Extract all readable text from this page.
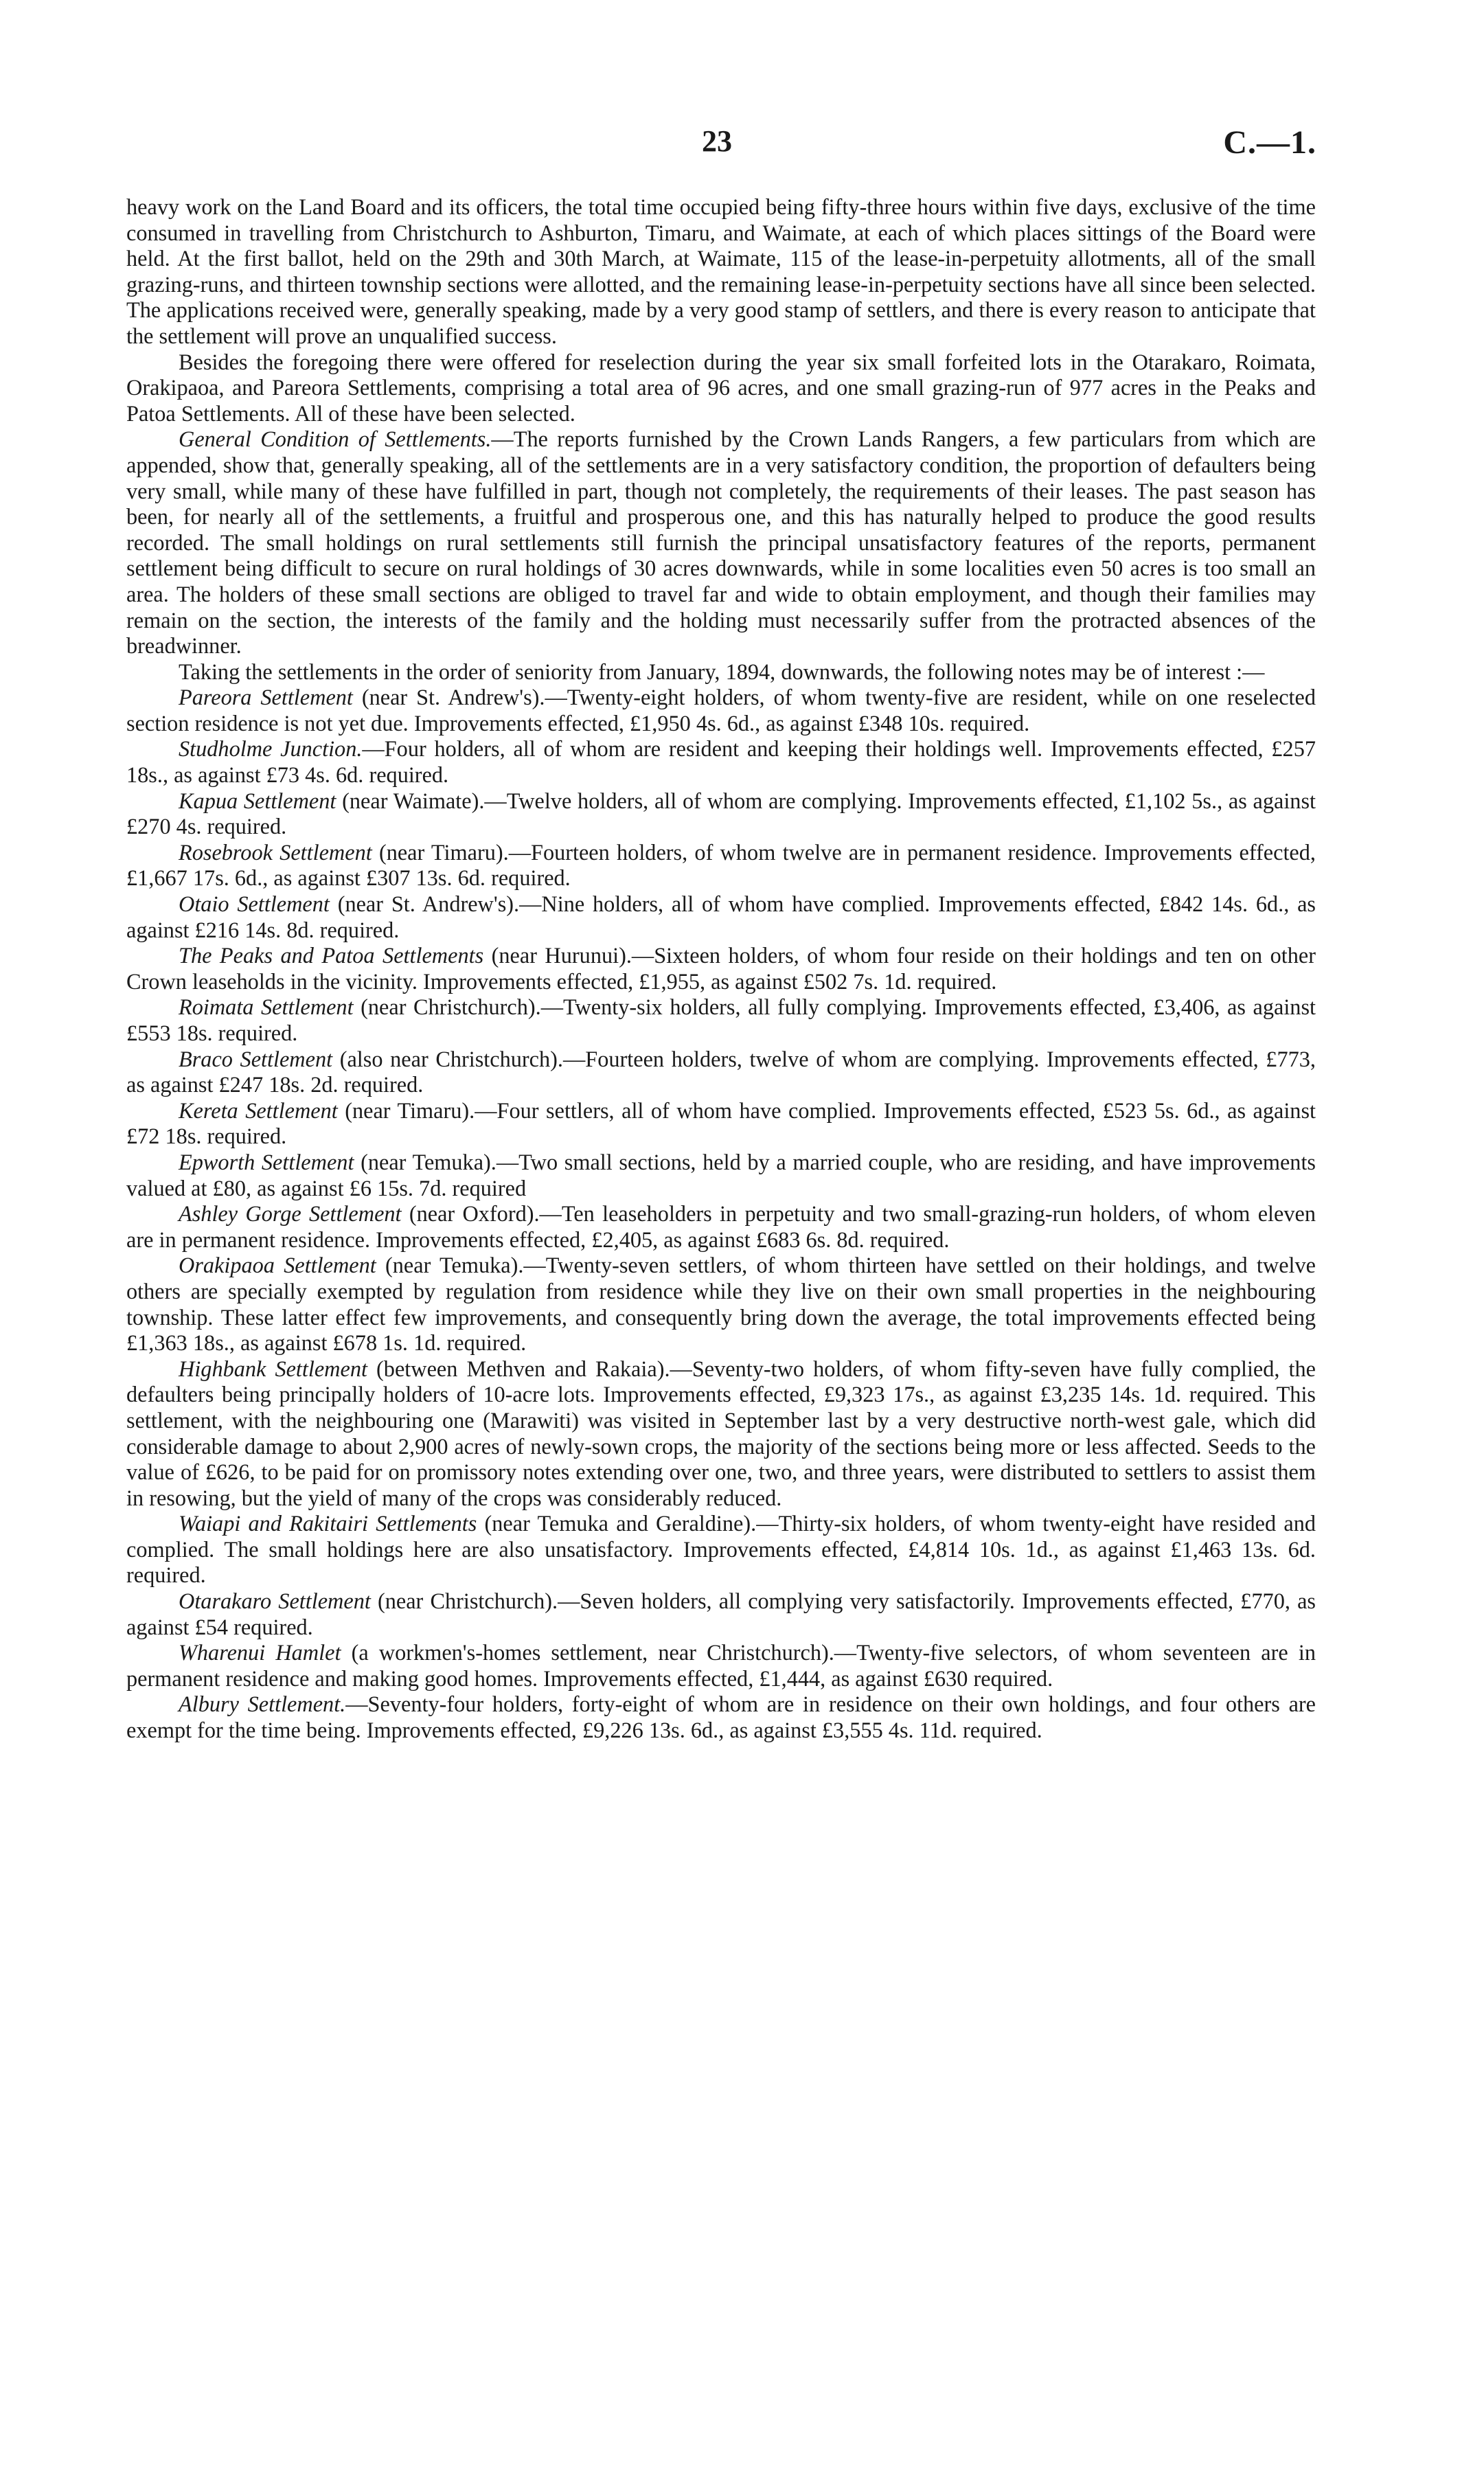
23	C.—1.

heavy work on the Land Board and its officers, the total time occupied being fifty-three hours within five days, exclusive of the time consumed in travelling from Christchurch to Ashburton, Timaru, and Waimate, at each of which places sittings of the Board were held. At the first ballot, held on the 29th and 30th March, at Waimate, 115 of the lease-in-perpetuity allotments, all of the small grazing-runs, and thirteen township sections were allotted, and the remaining lease-in-perpetuity sections have all since been selected. The applications received were, generally speaking, made by a very good stamp of settlers, and there is every reason to anticipate that the settlement will prove an unqualified success.

Besides the foregoing there were offered for reselection during the year six small forfeited lots in the Otarakaro, Roimata, Orakipaoa, and Pareora Settlements, comprising a total area of 96 acres, and one small grazing-run of 977 acres in the Peaks and Patoa Settlements. All of these have been selected.

General Condition of Settlements.—The reports furnished by the Crown Lands Rangers, a few particulars from which are appended, show that, generally speaking, all of the settlements are in a very satisfactory condition, the proportion of defaulters being very small, while many of these have fulfilled in part, though not completely, the requirements of their leases. The past season has been, for nearly all of the settlements, a fruitful and prosperous one, and this has naturally helped to produce the good results recorded. The small holdings on rural settlements still furnish the principal unsatisfactory features of the reports, permanent settlement being difficult to secure on rural holdings of 30 acres downwards, while in some localities even 50 acres is too small an area. The holders of these small sections are obliged to travel far and wide to obtain employment, and though their families may remain on the section, the interests of the family and the holding must necessarily suffer from the protracted absences of the breadwinner.

Taking the settlements in the order of seniority from January, 1894, downwards, the following notes may be of interest :—

Pareora Settlement (near St. Andrew's).—Twenty-eight holders, of whom twenty-five are resident, while on one reselected section residence is not yet due. Improvements effected, £1,950 4s. 6d., as against £348 10s. required.

Studholme Junction.—Four holders, all of whom are resident and keeping their holdings well. Improvements effected, £257 18s., as against £73 4s. 6d. required.

Kapua Settlement (near Waimate).—Twelve holders, all of whom are complying. Improvements effected, £1,102 5s., as against £270 4s. required.

Rosebrook Settlement (near Timaru).—Fourteen holders, of whom twelve are in permanent residence. Improvements effected, £1,667 17s. 6d., as against £307 13s. 6d. required.

Otaio Settlement (near St. Andrew's).—Nine holders, all of whom have complied. Improvements effected, £842 14s. 6d., as against £216 14s. 8d. required.

The Peaks and Patoa Settlements (near Hurunui).—Sixteen holders, of whom four reside on their holdings and ten on other Crown leaseholds in the vicinity. Improvements effected, £1,955, as against £502 7s. 1d. required.

Roimata Settlement (near Christchurch).—Twenty-six holders, all fully complying. Improvements effected, £3,406, as against £553 18s. required.

Braco Settlement (also near Christchurch).—Fourteen holders, twelve of whom are complying. Improvements effected, £773, as against £247 18s. 2d. required.

Kereta Settlement (near Timaru).—Four settlers, all of whom have complied. Improvements effected, £523 5s. 6d., as against £72 18s. required.

Epworth Settlement (near Temuka).—Two small sections, held by a married couple, who are residing, and have improvements valued at £80, as against £6 15s. 7d. required

Ashley Gorge Settlement (near Oxford).—Ten leaseholders in perpetuity and two small-grazing-run holders, of whom eleven are in permanent residence. Improvements effected, £2,405, as against £683 6s. 8d. required.

Orakipaoa Settlement (near Temuka).—Twenty-seven settlers, of whom thirteen have settled on their holdings, and twelve others are specially exempted by regulation from residence while they live on their own small properties in the neighbouring township. These latter effect few improvements, and consequently bring down the average, the total improvements effected being £1,363 18s., as against £678 1s. 1d. required.

Highbank Settlement (between Methven and Rakaia).—Seventy-two holders, of whom fifty-seven have fully complied, the defaulters being principally holders of 10-acre lots. Improvements effected, £9,323 17s., as against £3,235 14s. 1d. required. This settlement, with the neighbouring one (Marawiti) was visited in September last by a very destructive north-west gale, which did considerable damage to about 2,900 acres of newly-sown crops, the majority of the sections being more or less affected. Seeds to the value of £626, to be paid for on promissory notes extending over one, two, and three years, were distributed to settlers to assist them in resowing, but the yield of many of the crops was considerably reduced.

Waiapi and Rakitairi Settlements (near Temuka and Geraldine).—Thirty-six holders, of whom twenty-eight have resided and complied. The small holdings here are also unsatisfactory. Improvements effected, £4,814 10s. 1d., as against £1,463 13s. 6d. required.

Otarakaro Settlement (near Christchurch).—Seven holders, all complying very satisfactorily. Improvements effected, £770, as against £54 required.

Wharenui Hamlet (a workmen's-homes settlement, near Christchurch).—Twenty-five selectors, of whom seventeen are in permanent residence and making good homes. Improvements effected, £1,444, as against £630 required.

Albury Settlement.—Seventy-four holders, forty-eight of whom are in residence on their own holdings, and four others are exempt for the time being. Improvements effected, £9,226 13s. 6d., as against £3,555 4s. 11d. required.
